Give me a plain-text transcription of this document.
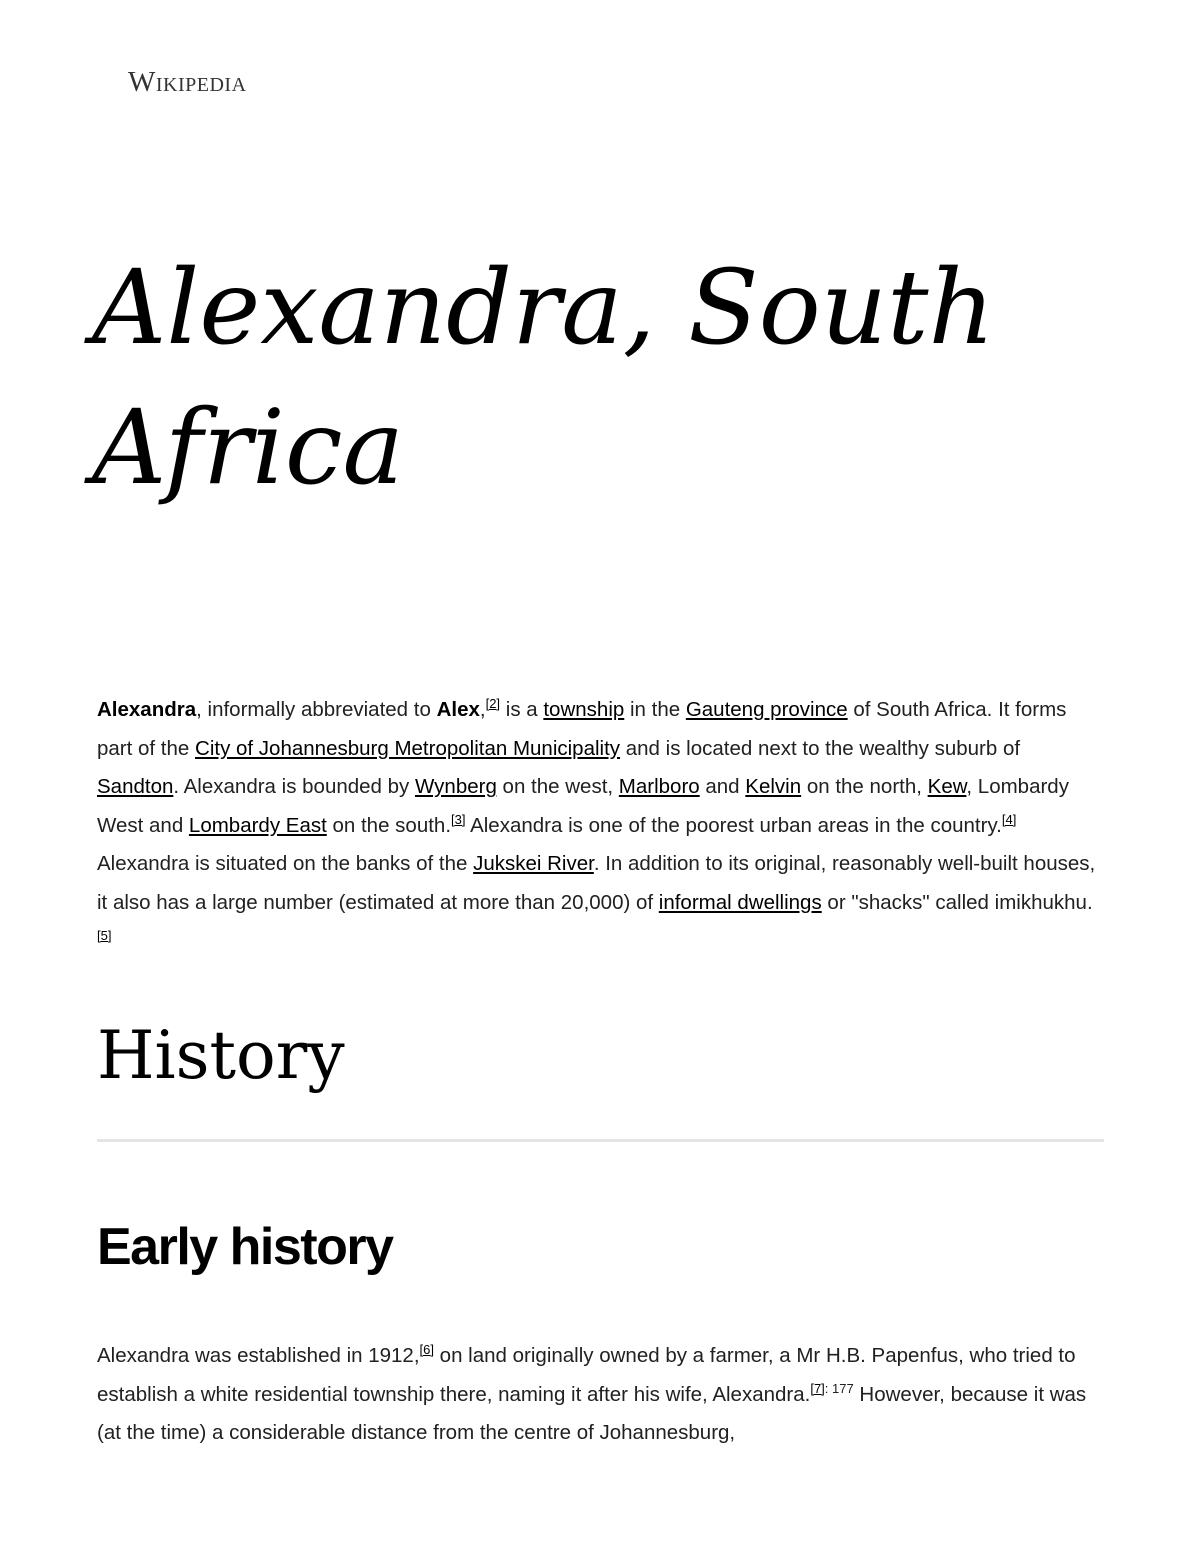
Wikipedia
Alexandra, South Africa

Alexandra, informally abbreviated to Alex,[2] is a township in the Gauteng province of South Africa. It forms part of the City of Johannesburg Metropolitan Municipality and is located next to the wealthy suburb of Sandton. Alexandra is bounded by Wynberg on the west, Marlboro and Kelvin on the north, Kew, Lombardy West and Lombardy East on the south.[3] Alexandra is one of the poorest urban areas in the country.[4] Alexandra is situated on the banks of the Jukskei River. In addition to its original, reasonably well-built houses, it also has a large number (estimated at more than 20,000) of informal dwellings or "shacks" called imikhukhu.[5]

History
Early history

Alexandra was established in 1912,[6] on land originally owned by a farmer, a Mr H.B. Papenfus, who tried to establish a white residential township there, naming it after his wife, Alexandra.$^{[7]: 177}$ However, because it was (at the time) a considerable distance from the centre of Johannesburg,
